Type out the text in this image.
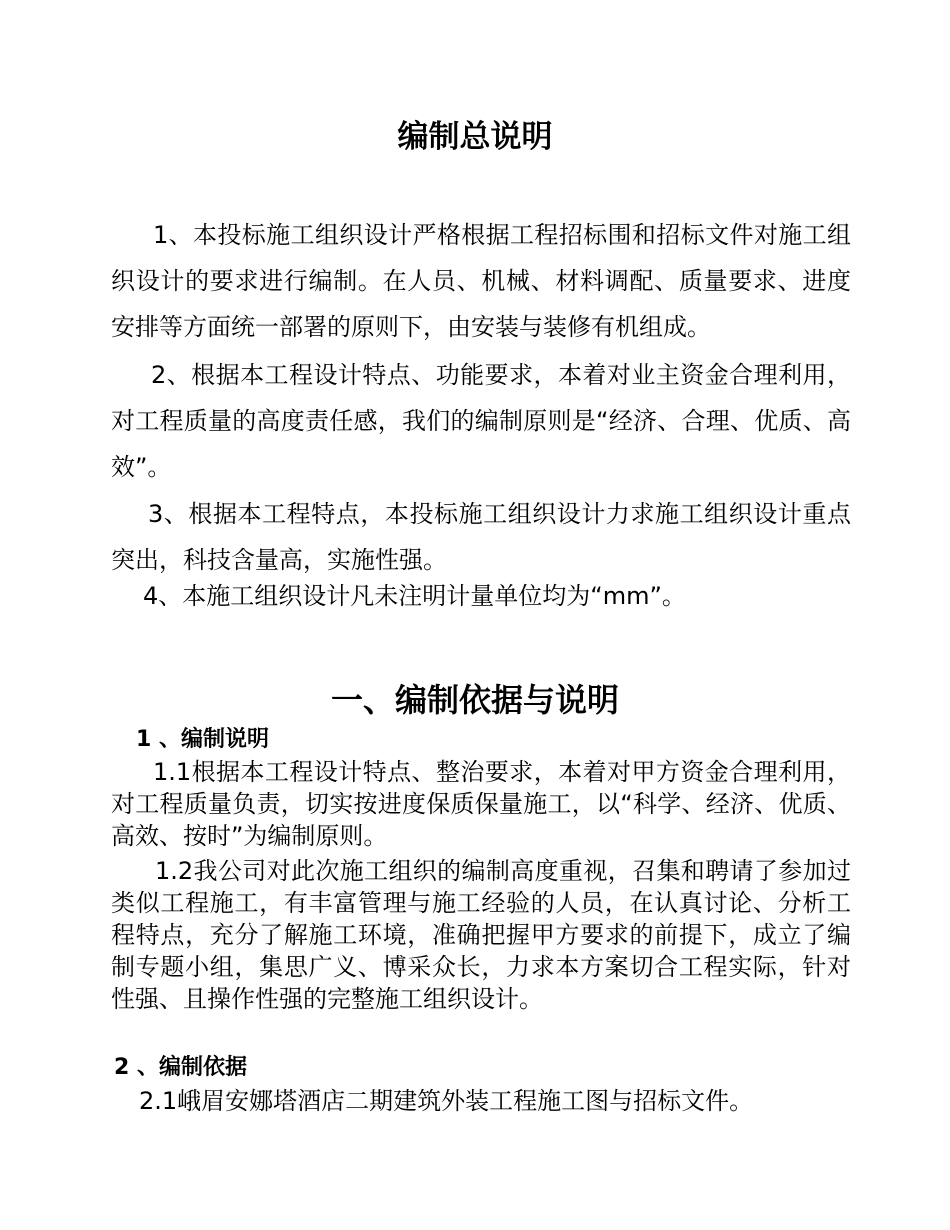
编制总说明

1、本投标施工组织设计严格根据工程招标围和招标文件对施工组织设计的要求进行编制。在人员、机械、材料调配、质量要求、进度安排等方面统一部署的原则下，由安装与装修有机组成。

2、根据本工程设计特点、功能要求，本着对业主资金合理利用，对工程质量的高度责任感，我们的编制原则是“经济、合理、优质、高效”。

3、根据本工程特点，本投标施工组织设计力求施工组织设计重点突出，科技含量高，实施性强。

4、本施工组织设计凡未注明计量单位均为“mm”。

一、编制依据与说明
1 、编制说明

1.1根据本工程设计特点、整治要求，本着对甲方资金合理利用，对工程质量负责，切实按进度保质保量施工，以“科学、经济、优质、高效、按时”为编制原则。

1.2我公司对此次施工组织的编制高度重视，召集和聘请了参加过类似工程施工，有丰富管理与施工经验的人员，在认真讨论、分析工程特点，充分了解施工环境，准确把握甲方要求的前提下，成立了编制专题小组，集思广义、博采众长，力求本方案切合工程实际，针对性强、且操作性强的完整施工组织设计。

2 、编制依据

2.1峨眉安娜塔酒店二期建筑外装工程施工图与招标文件。
